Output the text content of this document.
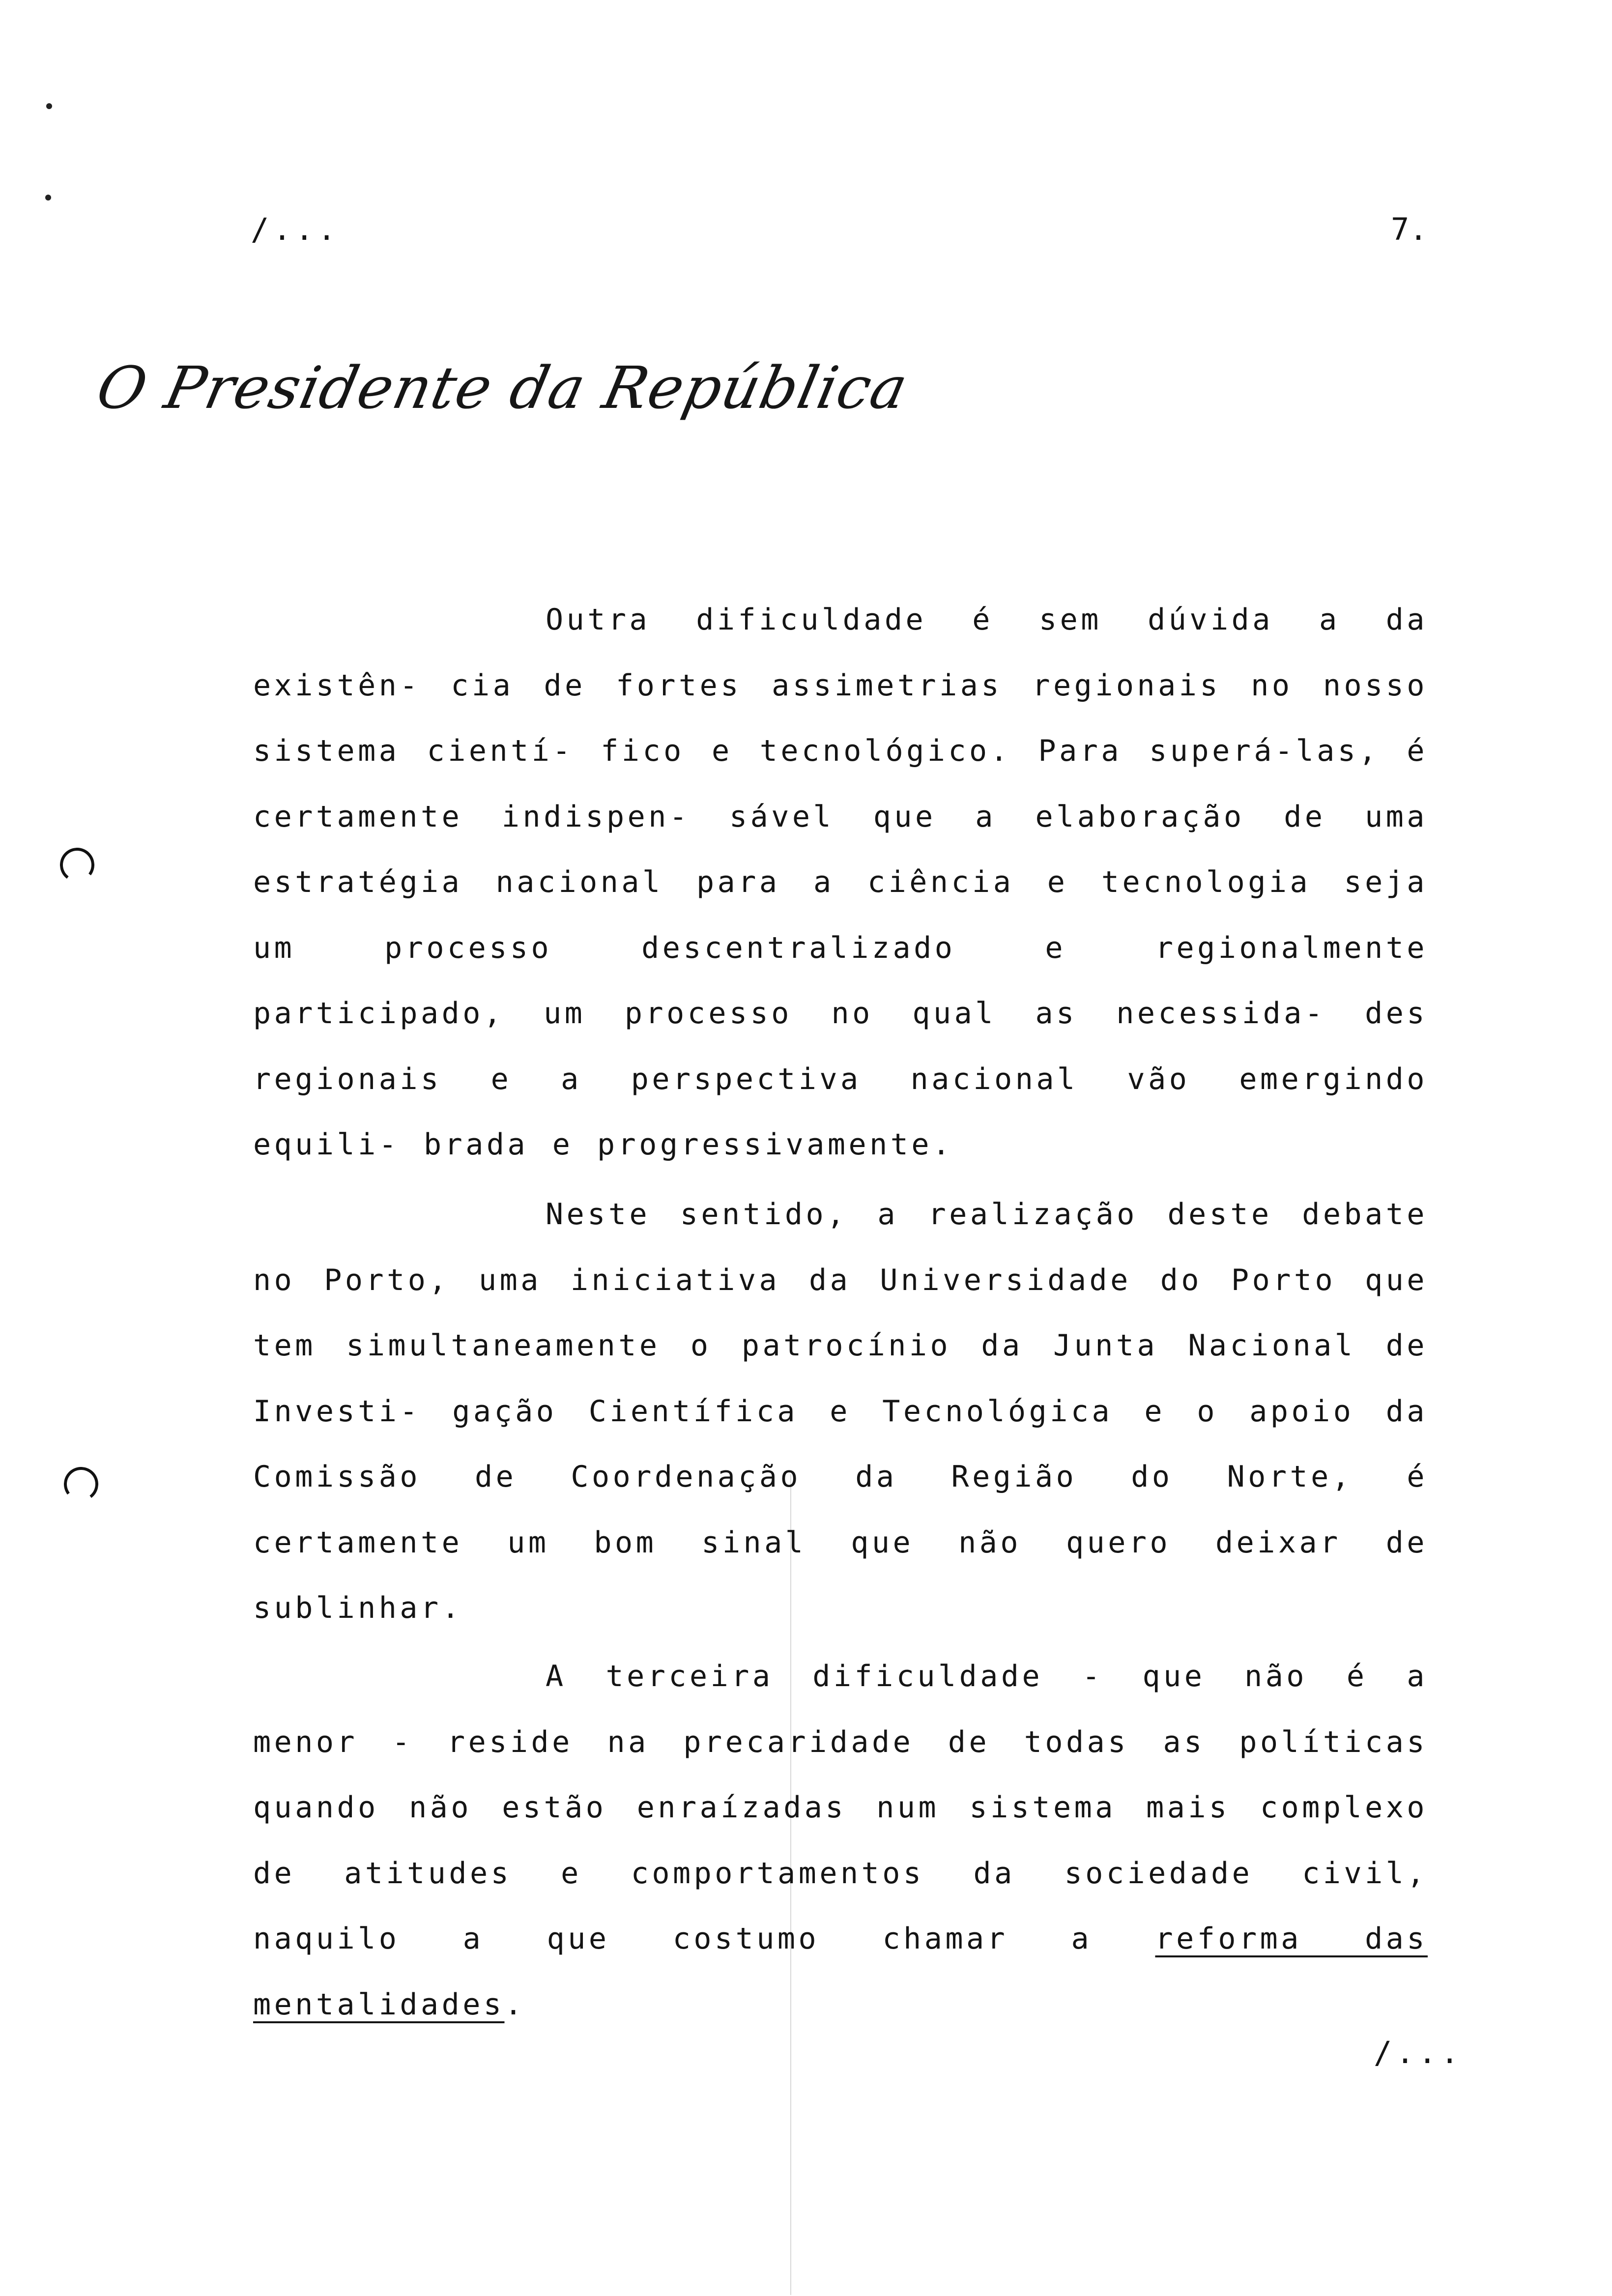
/...	7.
O Presidente da República
Outra dificuldade é sem dúvida a da existên- cia de fortes assimetrias regionais no nosso sistema cientí- fico e tecnológico. Para superá-las, é certamente indispen- sável que a elaboração de uma estratégia nacional para a ciência e tecnologia seja um processo descentralizado e regionalmente participado, um processo no qual as necessida- des regionais e a perspectiva nacional vão emergindo equili- brada e progressivamente.
Neste sentido, a realização deste debate no Porto, uma iniciativa da Universidade do Porto que tem simultaneamente o patrocínio da Junta Nacional de Investi- gação Científica e Tecnológica e o apoio da Comissão de Coordenação da Região do Norte, é certamente um bom sinal que não quero deixar de sublinhar.
A terceira dificuldade - que não é a menor - reside na precaridade de todas as políticas quando não estão enraízadas num sistema mais complexo de atitudes e comportamentos da sociedade civil, naquilo a que costumo chamar a reforma das mentalidades.
/...
